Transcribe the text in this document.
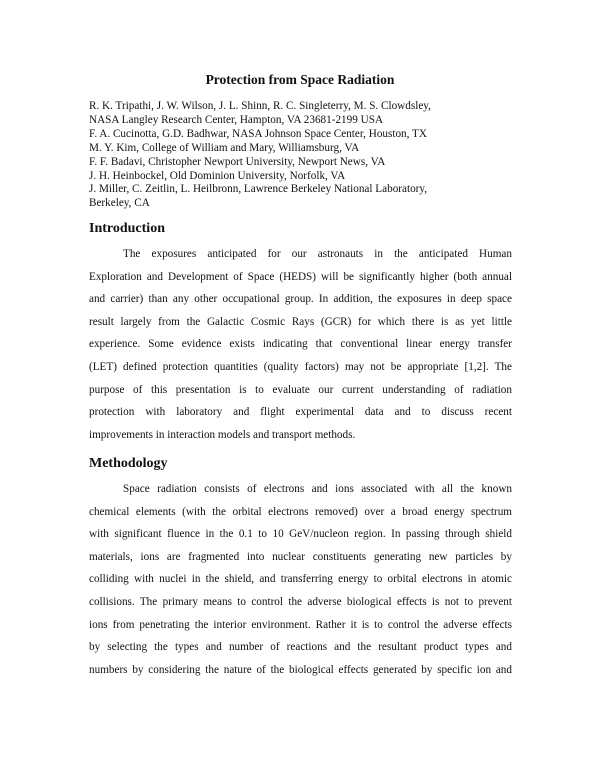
Protection from Space Radiation
R. K. Tripathi, J. W. Wilson, J. L. Shinn, R. C. Singleterry, M. S. Clowdsley,
NASA Langley Research Center, Hampton, VA 23681-2199 USA
F. A. Cucinotta, G.D. Badhwar, NASA Johnson Space Center, Houston, TX
M. Y. Kim, College of William and Mary, Williamsburg, VA
F. F. Badavi, Christopher Newport University, Newport News, VA
J. H. Heinbockel, Old Dominion University, Norfolk, VA
J. Miller, C. Zeitlin, L. Heilbronn, Lawrence Berkeley National Laboratory,
Berkeley, CA
Introduction
The exposures anticipated for our astronauts in the anticipated Human
Exploration and Development of Space (HEDS) will be significantly higher (both annual
and carrier) than any other occupational group. In addition, the exposures in deep space
result largely from the Galactic Cosmic Rays (GCR) for which there is as yet little
experience. Some evidence exists indicating that conventional linear energy transfer
(LET) defined protection quantities (quality factors) may not be appropriate [1,2]. The
purpose of this presentation is to evaluate our current understanding of radiation
protection with laboratory and flight experimental data and to discuss recent
improvements in interaction models and transport methods.
Methodology
Space radiation consists of electrons and ions associated with all the known
chemical elements (with the orbital electrons removed) over a broad energy spectrum
with significant fluence in the 0.1 to 10 GeV/nucleon region. In passing through shield
materials, ions are fragmented into nuclear constituents generating new particles by
colliding with nuclei in the shield, and transferring energy to orbital electrons in atomic
collisions. The primary means to control the adverse biological effects is not to prevent
ions from penetrating the interior environment. Rather it is to control the adverse effects
by selecting the types and number of reactions and the resultant product types and
numbers by considering the nature of the biological effects generated by specific ion and
